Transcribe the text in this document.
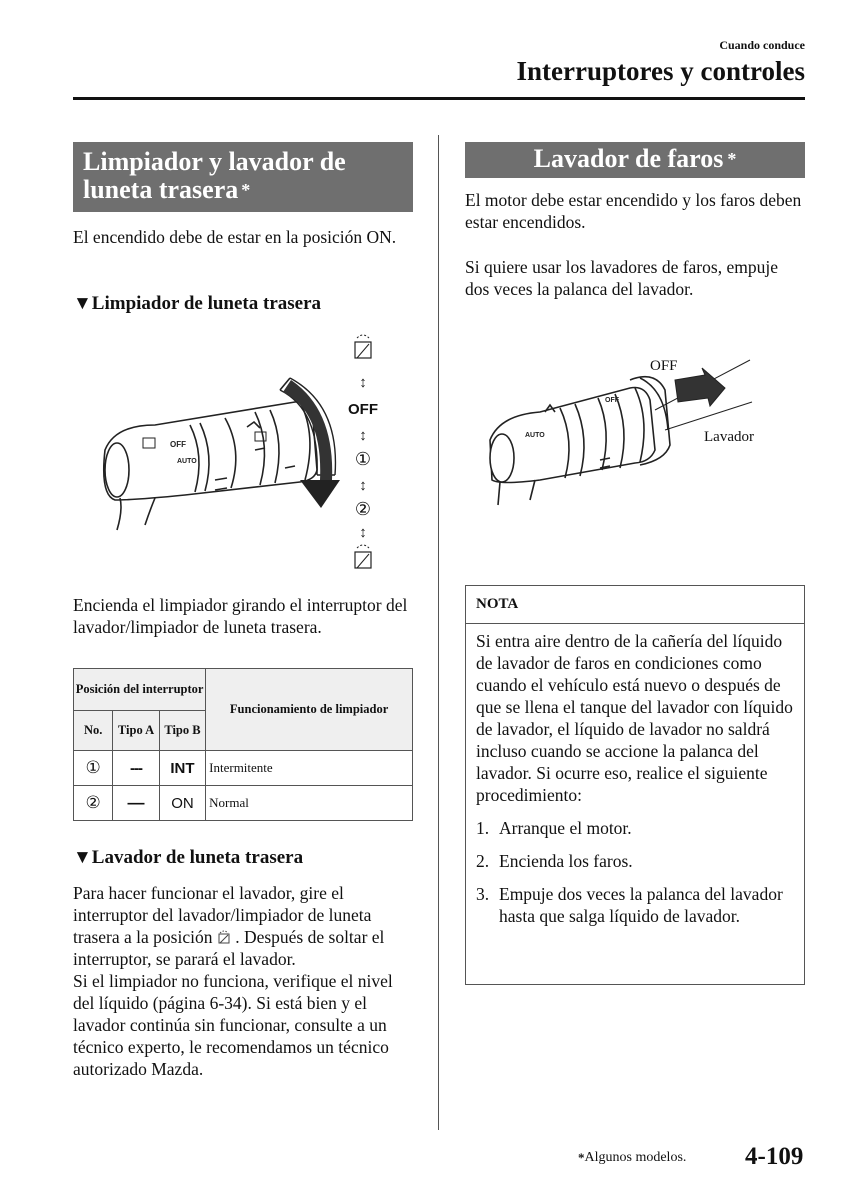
Cuando conduce
Interruptores y controles
Limpiador y lavador de
luneta trasera *
El encendido debe de estar en la posición ON.
▼Limpiador de luneta trasera
OFF
AUTO
↕
OFF
↕
①
↕
②
↕
Encienda el limpiador girando el interruptor del lavador/limpiador de luneta trasera.
Posición del interruptor			Funcionamiento de limpiador
No.	Tipo A	Tipo B	
①	---	INT	Intermitente
②	—	ON	Normal
▼Lavador de luneta trasera
Para hacer funcionar el lavador, gire el interruptor del lavador/limpiador de luneta trasera a la posición . Después de soltar el interruptor, se parará el lavador.
Si el limpiador no funciona, verifique el nivel del líquido (página 6-34). Si está bien y el lavador continúa sin funcionar, consulte a un técnico experto, le recomendamos un técnico autorizado Mazda.
Lavador de faros *
El motor debe estar encendido y los faros deben estar encendidos.
Si quiere usar los lavadores de faros, empuje dos veces la palanca del lavador.
AUTO
OFF
OFF
Lavador
NOTA
Si entra aire dentro de la cañería del líquido de lavador de faros en condiciones como cuando el vehículo está nuevo o después de que se llena el tanque del lavador con líquido de lavador, el líquido de lavador no saldrá incluso cuando se accione la palanca del lavador. Si ocurre eso, realice el siguiente procedimiento:
1. Arranque el motor.
2. Encienda los faros.
3. Empuje dos veces la palanca del lavador hasta que salga líquido de lavador.
*Algunos modelos. 4-109
